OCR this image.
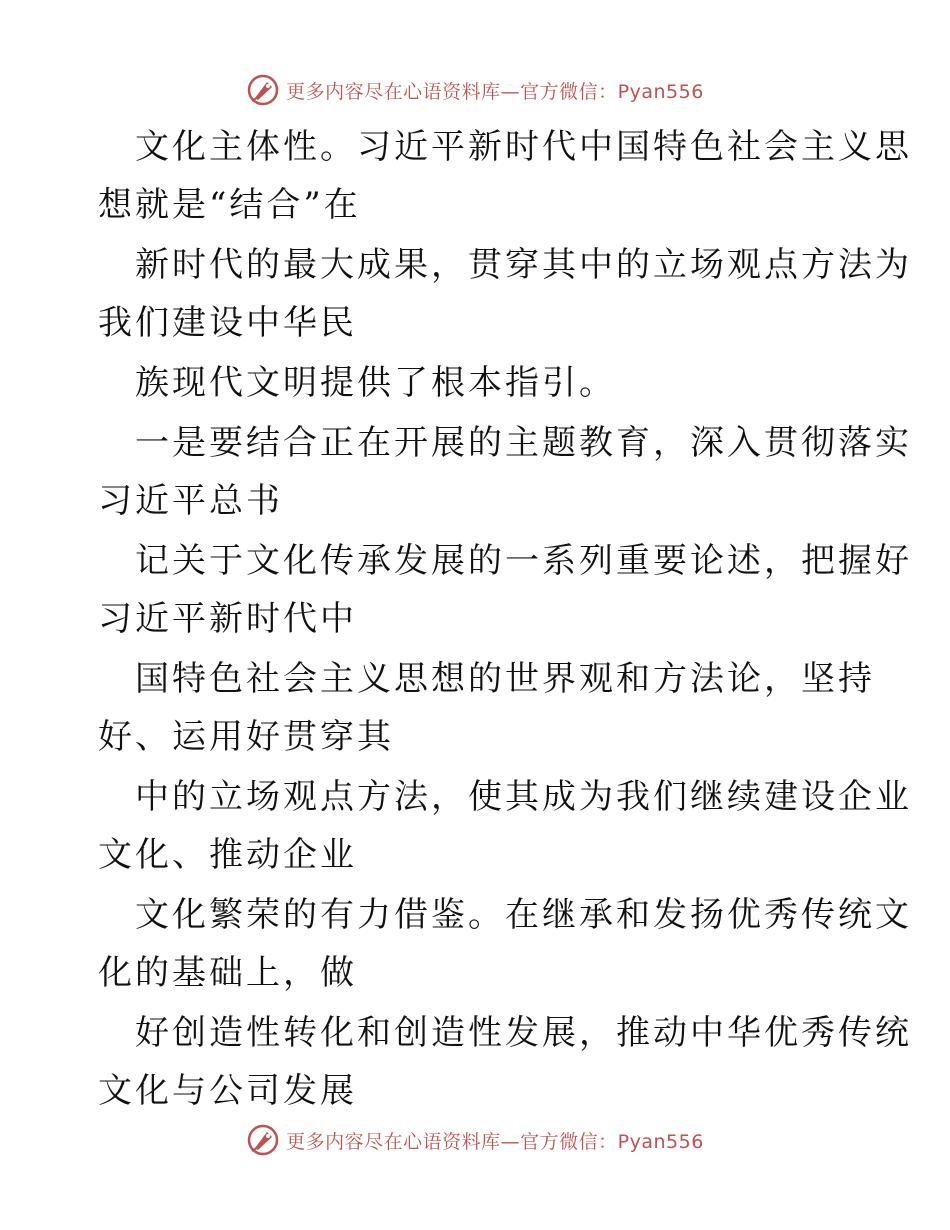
更多内容尽在心语资料库—官方微信：Pyan556
文化主体性。习近平新时代中国特色社会主义思
想就是“结合”在
新时代的最大成果，贯穿其中的立场观点方法为
我们建设中华民
族现代文明提供了根本指引。
一是要结合正在开展的主题教育，深入贯彻落实
习近平总书
记关于文化传承发展的一系列重要论述，把握好
习近平新时代中
国特色社会主义思想的世界观和方法论，坚持
好、运用好贯穿其
中的立场观点方法，使其成为我们继续建设企业
文化、推动企业
文化繁荣的有力借鉴。在继承和发扬优秀传统文
化的基础上，做
好创造性转化和创造性发展，推动中华优秀传统
文化与公司发展
更多内容尽在心语资料库—官方微信：Pyan556
